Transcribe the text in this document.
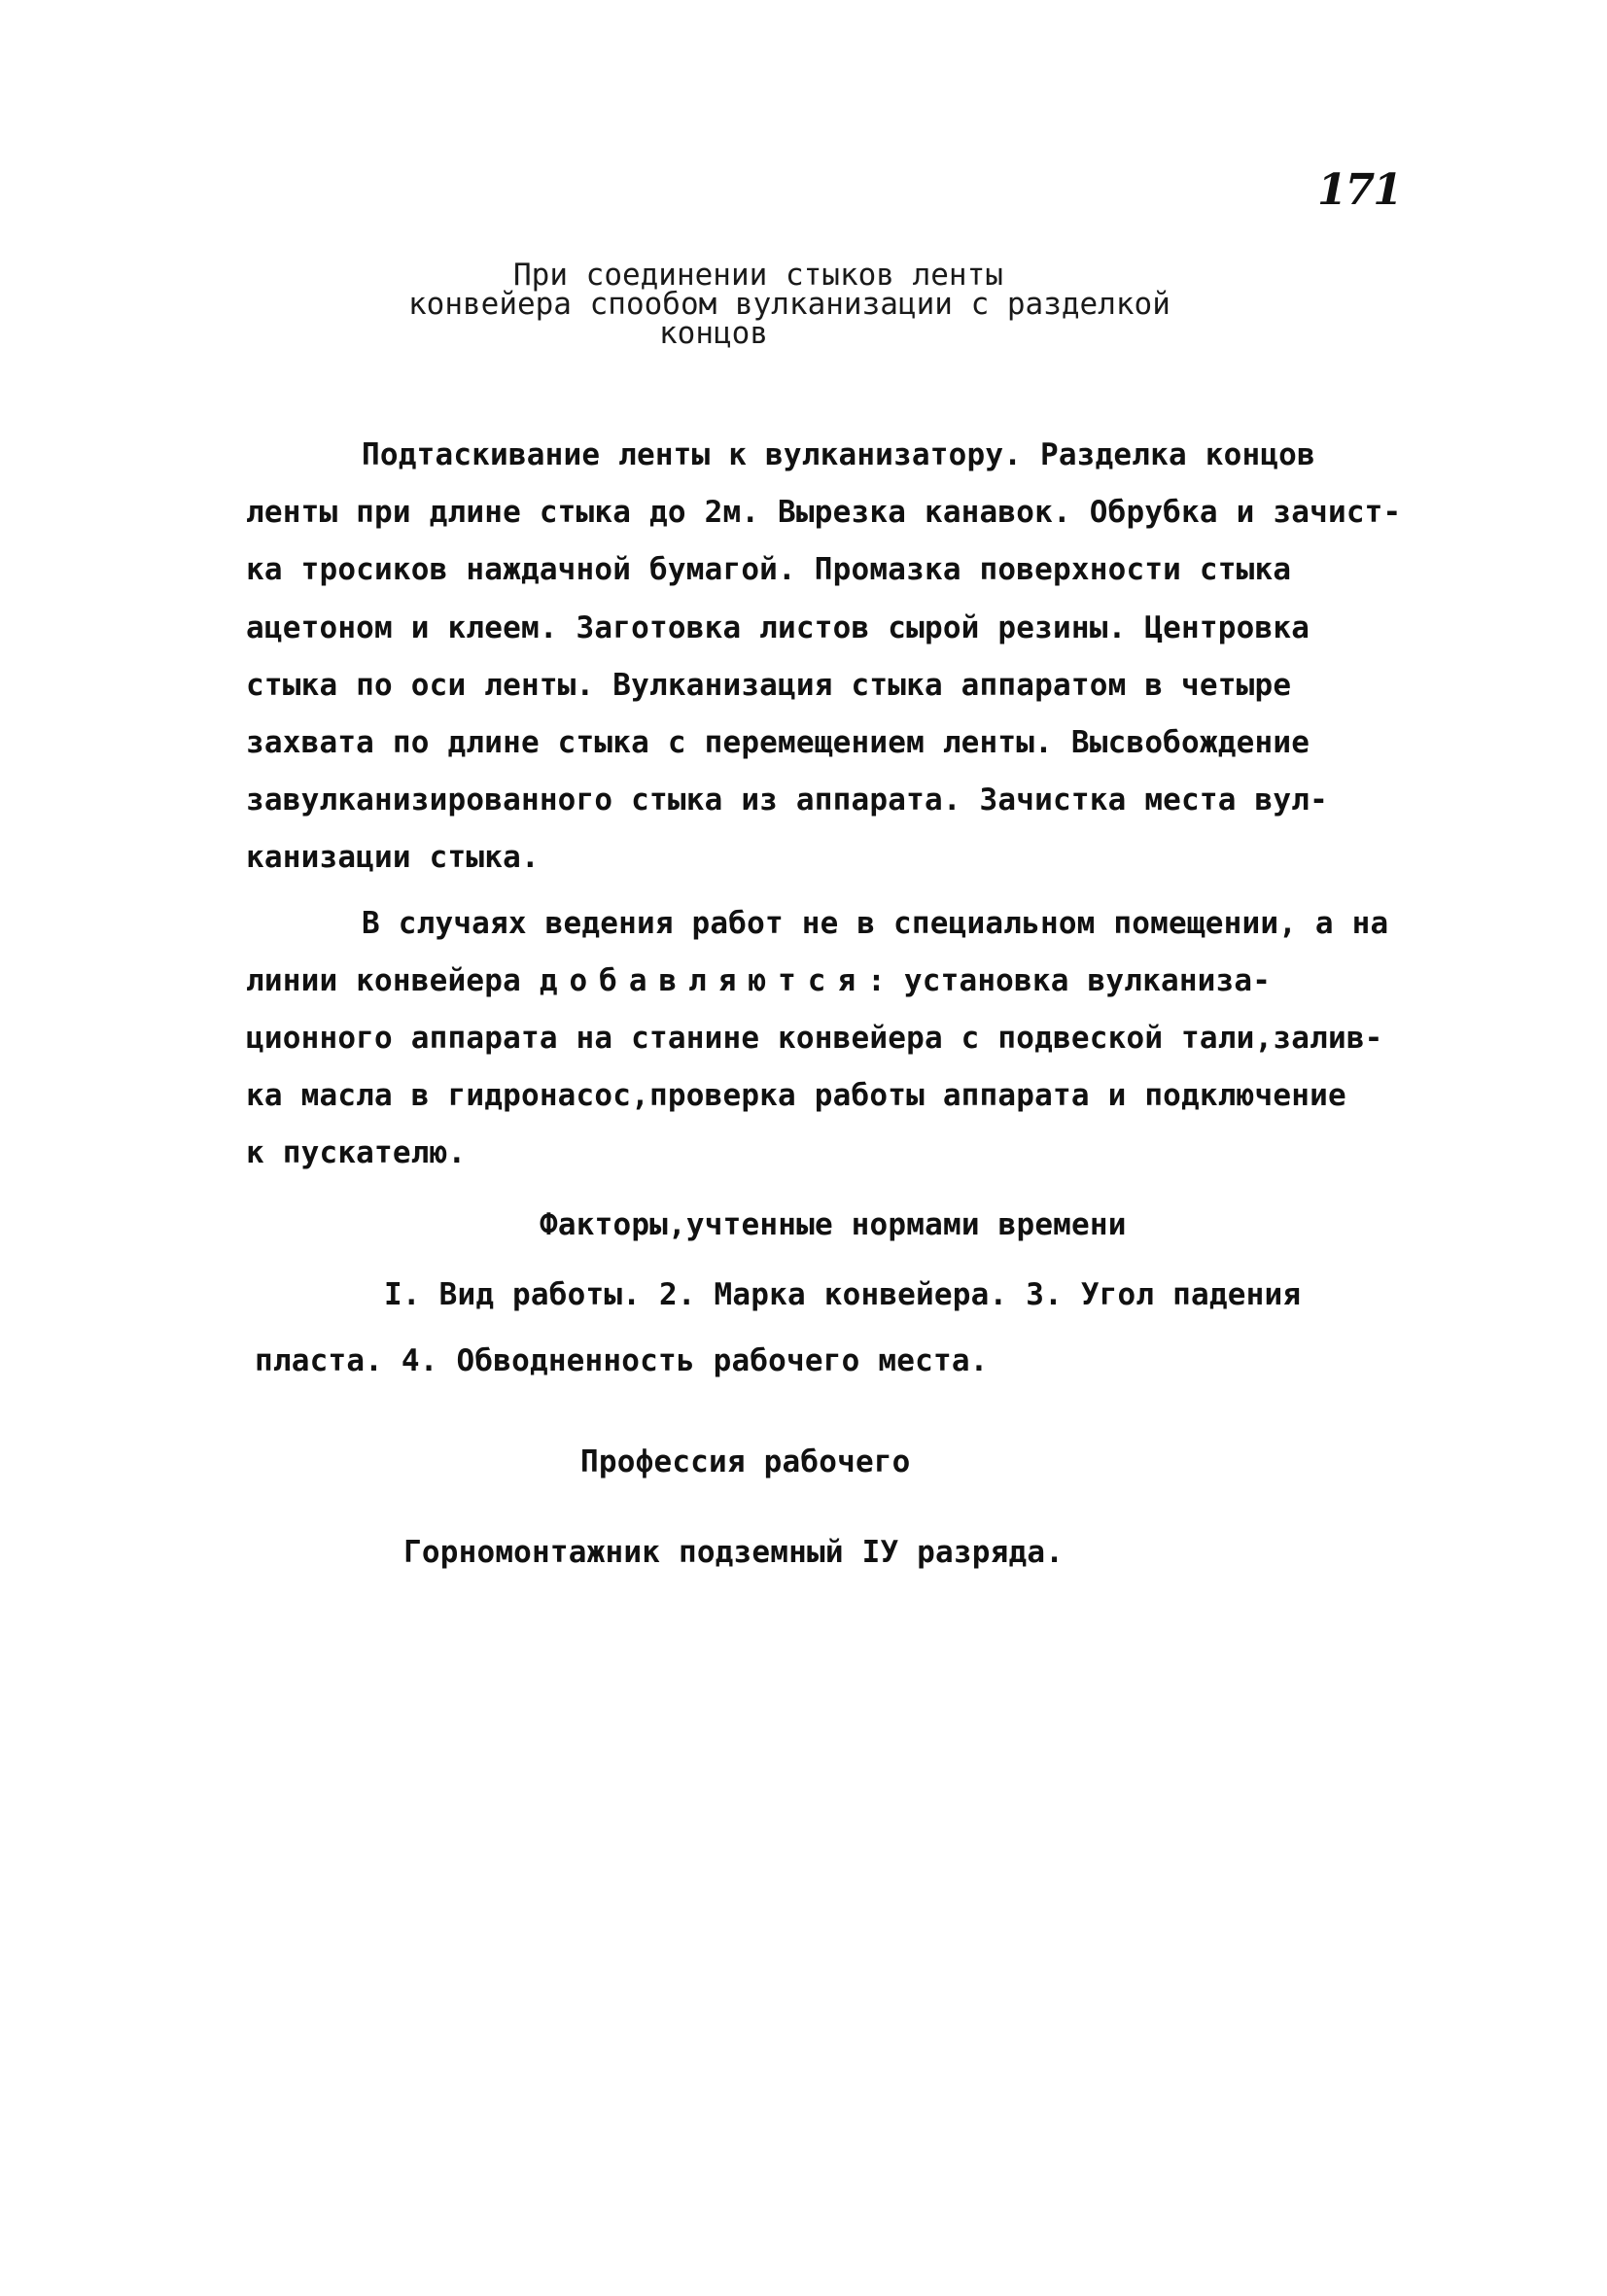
171
При соединении стыков ленты
конвейера спообом вулканизации с разделкой
концов
Подтаскивание ленты к вулканизатору. Разделка концов
ленты при длине стыка до 2м. Вырезка канавок. Обрубка и зачист-
ка тросиков наждачной бумагой. Промазка поверхности стыка
ацетоном и клеем. Заготовка листов сырой резины. Центровка
стыка по оси ленты. Вулканизация стыка аппаратом в четыре
захвата по длине стыка с перемещением ленты. Высвобождение
завулканизированного стыка из аппарата. Зачистка места вул-
канизации стыка.
В случаях ведения работ не в специальном помещении, а на
линии конвейера добавляются: установка вулканиза-
ционного аппарата на станине конвейера с подвеской тали,залив-
ка масла в гидронасос,проверка работы аппарата и подключение
к пускателю.
Факторы,учтенные нормами времени
I. Вид работы. 2. Марка конвейера. 3. Угол падения
пласта. 4. Обводненность рабочего места.
Профессия рабочего
Горномонтажник подземный IУ разряда.
